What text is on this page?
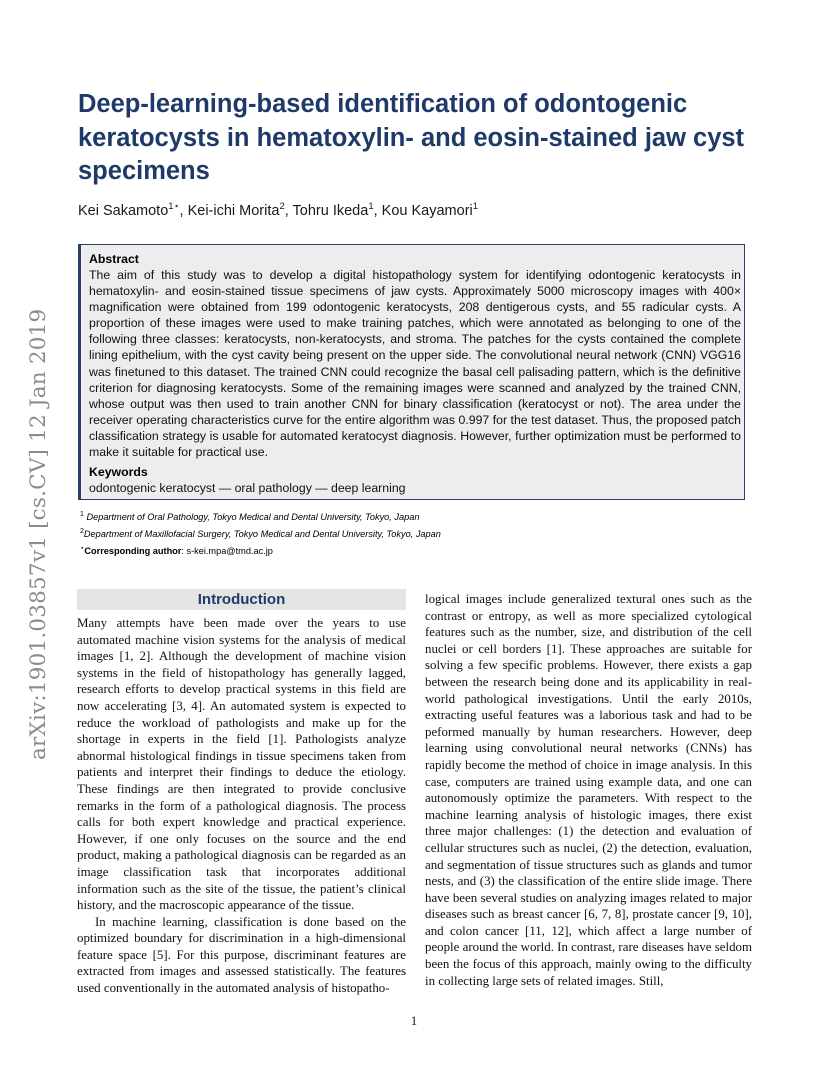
arXiv:1901.03857v1 [cs.CV] 12 Jan 2019
Deep-learning-based identification of odontogenic keratocysts in hematoxylin- and eosin-stained jaw cyst specimens
Kei Sakamoto$^{1⋆}$, Kei-ichi Morita$^2$, Tohru Ikeda$^1$, Kou Kayamori$^1$
Abstract

The aim of this study was to develop a digital histopathology system for identifying odontogenic keratocysts in hematoxylin- and eosin-stained tissue specimens of jaw cysts. Approximately 5000 microscopy images with 400× magnification were obtained from 199 odontogenic keratocysts, 208 dentigerous cysts, and 55 radicular cysts. A proportion of these images were used to make training patches, which were annotated as belonging to one of the following three classes: keratocysts, non-keratocysts, and stroma. The patches for the cysts contained the complete lining epithelium, with the cyst cavity being present on the upper side. The convolutional neural network (CNN) VGG16 was finetuned to this dataset. The trained CNN could recognize the basal cell palisading pattern, which is the definitive criterion for diagnosing keratocysts. Some of the remaining images were scanned and analyzed by the trained CNN, whose output was then used to train another CNN for binary classification (keratocyst or not). The area under the receiver operating characteristics curve for the entire algorithm was 0.997 for the test dataset. Thus, the proposed patch classification strategy is usable for automated keratocyst diagnosis. However, further optimization must be performed to make it suitable for practical use.

Keywords

odontogenic keratocyst — oral pathology — deep learning

$^1$ Department of Oral Pathology, Tokyo Medical and Dental University, Tokyo, Japan
$^2$Department of Maxillofacial Surgery, Tokyo Medical and Dental University, Tokyo, Japan
⋆Corresponding author: s-kei.mpa@tmd.ac.jp
Introduction

Many attempts have been made over the years to use automated machine vision systems for the analysis of medical images [1, 2]. Although the development of machine vision systems in the field of histopathology has generally lagged, research efforts to develop practical systems in this field are now accelerating [3, 4]. An automated system is expected to reduce the workload of pathologists and make up for the shortage in experts in the field [1]. Pathologists analyze abnormal histological findings in tissue specimens taken from patients and interpret their findings to deduce the etiology. These findings are then integrated to provide conclusive remarks in the form of a pathological diagnosis. The process calls for both expert knowledge and practical experience. However, if one only focuses on the source and the end product, making a pathological diagnosis can be regarded as an image classification task that incorporates additional information such as the site of the tissue, the patient’s clinical history, and the macroscopic appearance of the tissue.

In machine learning, classification is done based on the optimized boundary for discrimination in a high-dimensional feature space [5]. For this purpose, discriminant features are extracted from images and assessed statistically. The features used conventionally in the automated analysis of histopatho-

logical images include generalized textural ones such as the contrast or entropy, as well as more specialized cytological features such as the number, size, and distribution of the cell nuclei or cell borders [1]. These approaches are suitable for solving a few specific problems. However, there exists a gap between the research being done and its applicability in real-world pathological investigations. Until the early 2010s, extracting useful features was a laborious task and had to be peformed manually by human researchers. However, deep learning using convolutional neural networks (CNNs) has rapidly become the method of choice in image analysis. In this case, computers are trained using example data, and one can autonomously optimize the parameters. With respect to the machine learning analysis of histologic images, there exist three major challenges: (1) the detection and evaluation of cellular structures such as nuclei, (2) the detection, evaluation, and segmentation of tissue structures such as glands and tumor nests, and (3) the classification of the entire slide image. There have been several studies on analyzing images related to major diseases such as breast cancer [6, 7, 8], prostate cancer [9, 10], and colon cancer [11, 12], which affect a large number of people around the world. In contrast, rare diseases have seldom been the focus of this approach, mainly owing to the difficulty in collecting large sets of related images. Still,

1
